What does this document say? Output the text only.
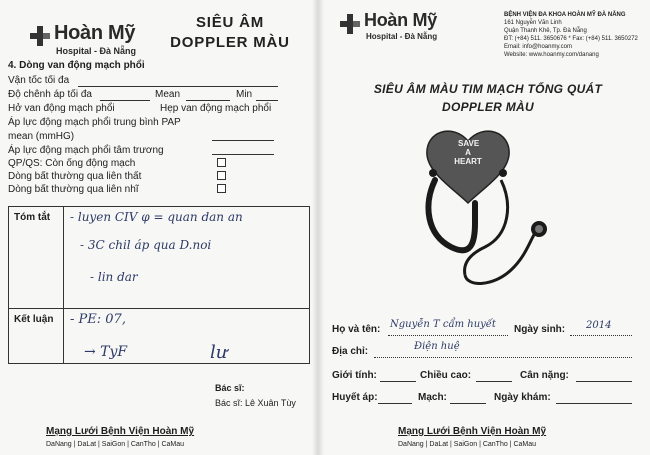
Hoàn Mỹ
Hospital - Đà Nẵng
SIÊU ÂM
DOPPLER MÀU
4. Dòng van động mạch phổi
Vận tốc tối đa
Độ chênh áp tối đa	Mean	Min
Hở van động mạch phổi	Hẹp van động mạch phổi
Áp lực động mạch phổi trung bình PAP
mean (mmHG)
Áp lực động mạch phổi tâm trương
QP/QS: Còn ống động mạch
Dòng bất thường qua liên thất
Dòng bất thường qua liên nhĩ
Tóm tắt - luyen CIV φ = quan dan an
- 3C chil áp qua D.noi
- lin dar
Kết luận - PE: 07,
→ TyF	lư
Bác sĩ:
Bác sĩ: Lê Xuân Tùy
Mạng Lưới Bệnh Viện Hoàn Mỹ
DaNang | DaLat | SaiGon | CanTho | CaMau
Hoàn Mỹ
Hospital - Đà Nẵng
BỆNH VIỆN ĐA KHOA HOÀN MỸ ĐÀ NẴNG
161 Nguyễn Văn Linh
Quận Thanh Khê, Tp. Đà Nẵng
ĐT: (+84) 511. 3650676 * Fax: (+84) 511. 3650272
Email: info@hoanmy.com
Website: www.hoanmy.com/danang
SIÊU ÂM MÀU TIM MẠCH TỔNG QUÁT
DOPPLER MÀU
SAVE
A
HEART
Họ và tên: Nguyễn T cẩm huyết Ngày sinh: 2014
Địa chỉ:	Điện huệ
Giới tính:	Chiều cao:	Cân nặng:
Huyết áp:	Mạch:	Ngày khám:
Mạng Lưới Bệnh Viện Hoàn Mỹ
DaNang | DaLat | SaiGon | CanTho | CaMau
